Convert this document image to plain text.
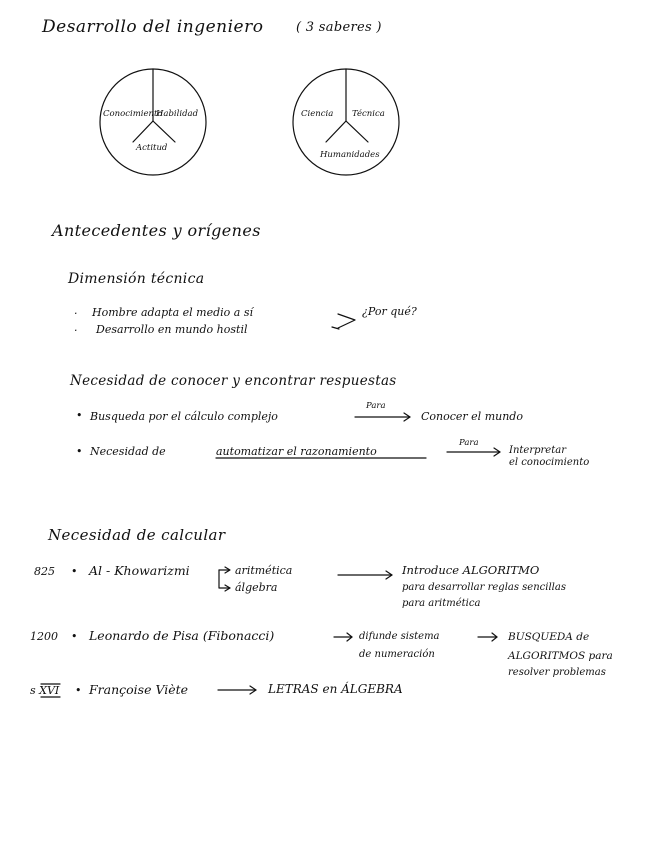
Desarrollo del ingeniero	( 3 saberes )
Conocimiento
Habilidad
Actitud
Ciencia Técnica
Humanidades
Antecedentes y orígenes
Dimensión técnica
· Hombre adapta el medio a sí
· Desarrollo en mundo hostil
¿Por qué?
Necesidad de conocer y encontrar respuestas
• Busqueda por el cálculo complejo
Para
Conocer el mundo
• Necesidad de	automatizar el razonamiento
Para
Interpretar
el conocimiento
Necesidad de calcular
825 • Al - Khowarizmi	aritmética
álgebra
Introduce ALGORITMO
para desarrollar reglas sencillas
para aritmética
1200 • Leonardo de Pisa (Fibonacci)	difunde sistema
de numeración
BUSQUEDA de
ALGORITMOS para
resolver problemas
s XVI • Françoise Viète	LETRAS en ÁLGEBRA
